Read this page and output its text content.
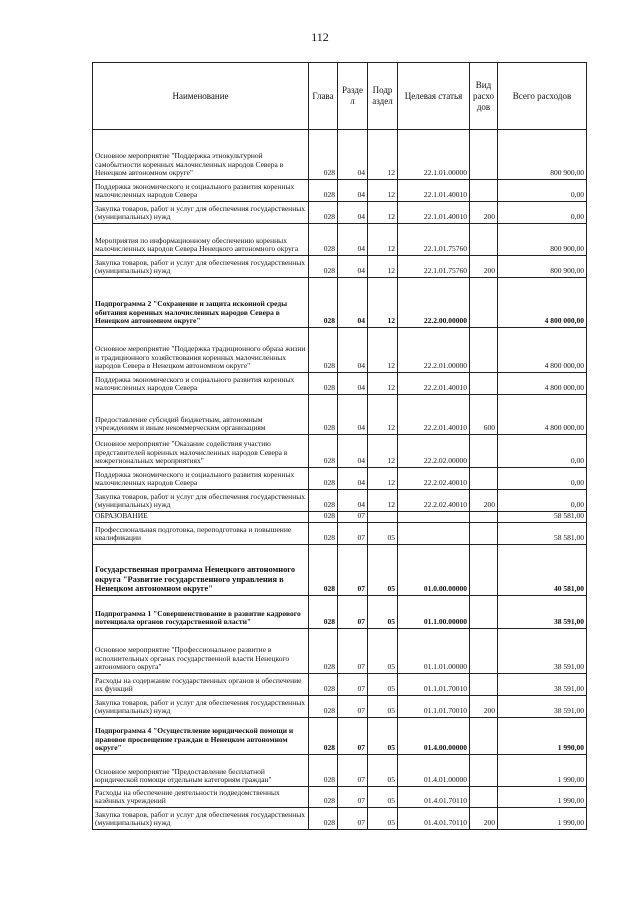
112
Наименование	Глава	Разде л	Подр аздел	Целевая статья	Вид расхо дов	Всего расходов
Основное мероприятие "Поддержка этнокультурной самобытности коренных малочисленных народов Севера в Ненецком автономном округе"	028	04	12	22.1.01.00000		800 900,00
Поддержка экономического и социального развития коренных малочисленных народов Севера	028	04	12	22.1.01.40010		0,00
Закупка товаров, работ и услуг для обеспечения государственных (муниципальных) нужд	028	04	12	22.1.01.40010	200	0,00
Мероприятия по информационному обеспечению коренных малочисленных народов Севера Ненецкого автономного округа	028	04	12	22.1.01.75760		800 900,00
Закупка товаров, работ и услуг для обеспечения государственных (муниципальных) нужд	028	04	12	22.1.01.75760	200	800 900,00
Подпрограмма 2 "Сохранение и защита исконной среды обитания коренных малочисленных народов Севера в Ненецком автономном округе"	028	04	12	22.2.00.00000		4 800 000,00
Основное мероприятие "Поддержка традиционного образа жизни и традиционного хозяйствования коренных малочисленных народов Севера в Ненецком автономном округе"	028	04	12	22.2.01.00000		4 800 000,00
Поддержка экономического и социального развития коренных малочисленных народов Севера	028	04	12	22.2.01.40010		4 800 000,00
Предоставление субсидий бюджетным, автономным учреждениям и иным некоммерческим организациям	028	04	12	22.2.01.40010	600	4 800 000,00
Основное мероприятие "Оказание содействия участию представителей коренных малочисленных народов Севера в межрегиональных мероприятиях"	028	04	12	22.2.02.00000		0,00
Поддержка экономического и социального развития коренных малочисленных народов Севера	028	04	12	22.2.02.40010		0,00
Закупка товаров, работ и услуг для обеспечения государственных (муниципальных) нужд	028	04	12	22.2.02.40010	200	0,00
ОБРАЗОВАНИЕ	028	07				58 581,00
Профессиональная подготовка, переподготовка и повышение квалификации	028	07	05			58 581,00
Государственная программа Ненецкого автономного округа "Развитие государственного управления в Ненецком автономном округе"	028	07	05	01.0.00.00000		40 581,00
Подпрограмма 1 "Совершенствование в развитие кадрового потенциала органов государственной власти"	028	07	05	01.1.00.00000		38 591,00
Основное мероприятие "Профессиональное развитие в исполнительных органах государственной власти Ненецкого автономного округа"	028	07	05	01.1.01.00000		38 591,00
Расходы на содержание государственных органов и обеспечение их функций	028	07	05	01.1.01.70010		38 591,00
Закупка товаров, работ и услуг для обеспечения государственных (муниципальных) нужд	028	07	05	01.1.01.70010	200	38 591,00
Подпрограмма 4 "Осуществление юридической помощи и правовое просвещение граждан в Ненецком автономном округе"	028	07	05	01.4.00.00000		1 990,00
Основное мероприятие "Предоставление бесплатной юридической помощи отдельным категориям граждан"	028	07	05	01.4.01.00000		1 990,00
Расходы на обеспечение деятельности подведомственных казённых учреждений	028	07	05	01.4.01.70110		1 990,00
Закупка товаров, работ и услуг для обеспечения государственных (муниципальных) нужд	028	07	05	01.4.01.70110	200	1 990,00
